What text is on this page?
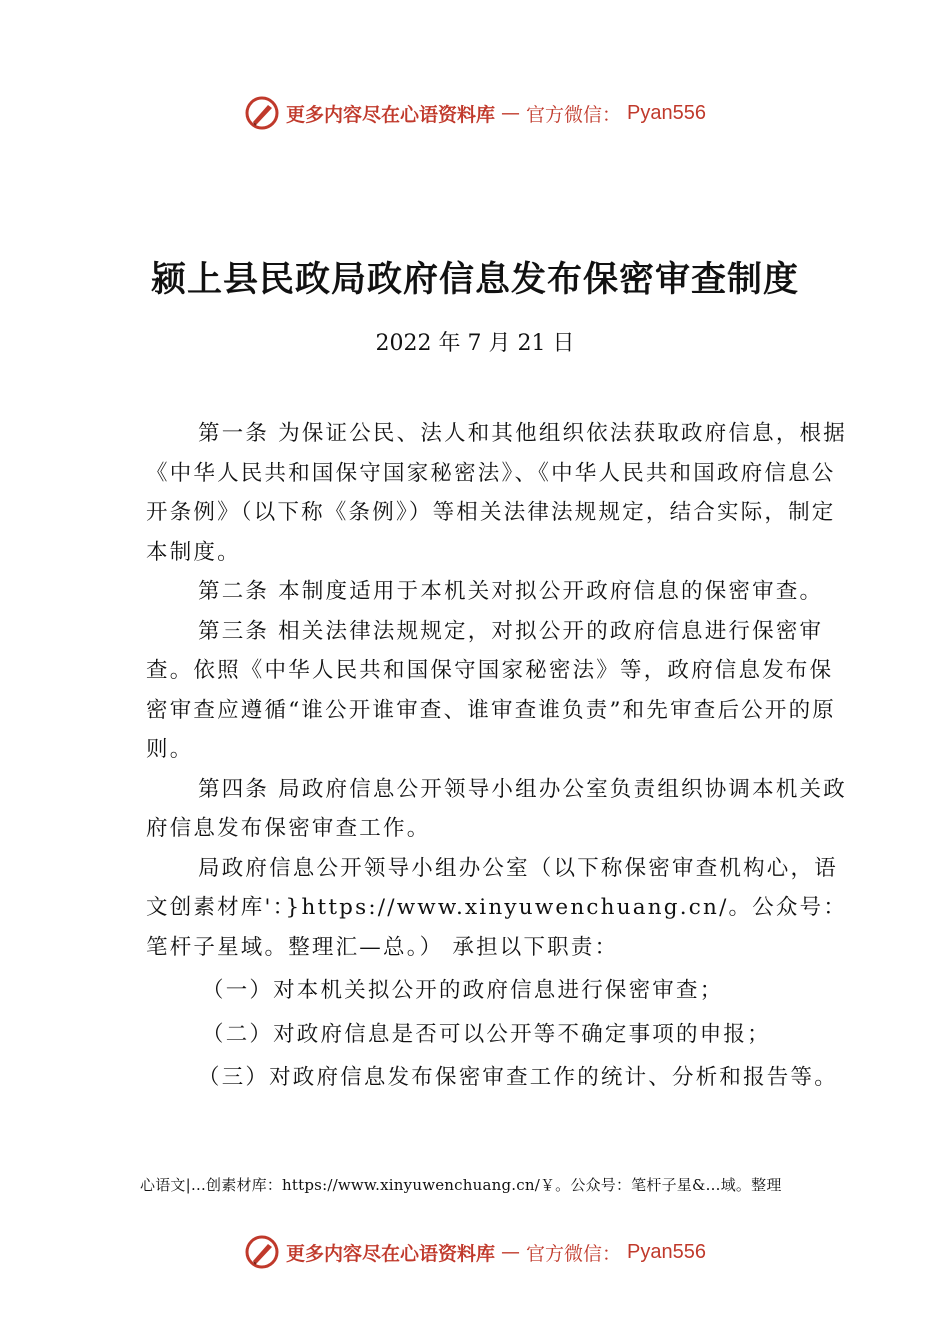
更多内容尽在心语资料库 — 官方微信： Pyan556
颍上县民政局政府信息发布保密审查制度
2022 年 7 月 21 日

第一条 为保证公民、法人和其他组织依法获取政府信息，根据《中华人民共和国保守国家秘密法》、《中华人民共和国政府信息公开条例》（以下称《条例》）等相关法律法规规定，结合实际，制定本制度。

第二条 本制度适用于本机关对拟公开政府信息的保密审查。

第三条 相关法律法规规定，对拟公开的政府信息进行保密审查。依照《中华人民共和国保守国家秘密法》等，政府信息发布保密审查应遵循“谁公开谁审查、谁审查谁负责”和先审查后公开的原则。

第四条 局政府信息公开领导小组办公室负责组织协调本机关政府信息发布保密审查工作。

局政府信息公开领导小组办公室（以下称保密审查机构心，语文创素材库'：}https://www.xinyuwenchuang.cn/。公众号：笔杆子星域。整理汇—总。） 承担以下职责：

（一）对本机关拟公开的政府信息进行保密审查；

（二）对政府信息是否可以公开等不确定事项的申报；

（三）对政府信息发布保密审查工作的统计、分析和报告等。

心语文|…创素材库：https://www.xinyuwenchuang.cn/￥。公众号：笔杆子星&…域。整理
更多内容尽在心语资料库 — 官方微信： Pyan556
